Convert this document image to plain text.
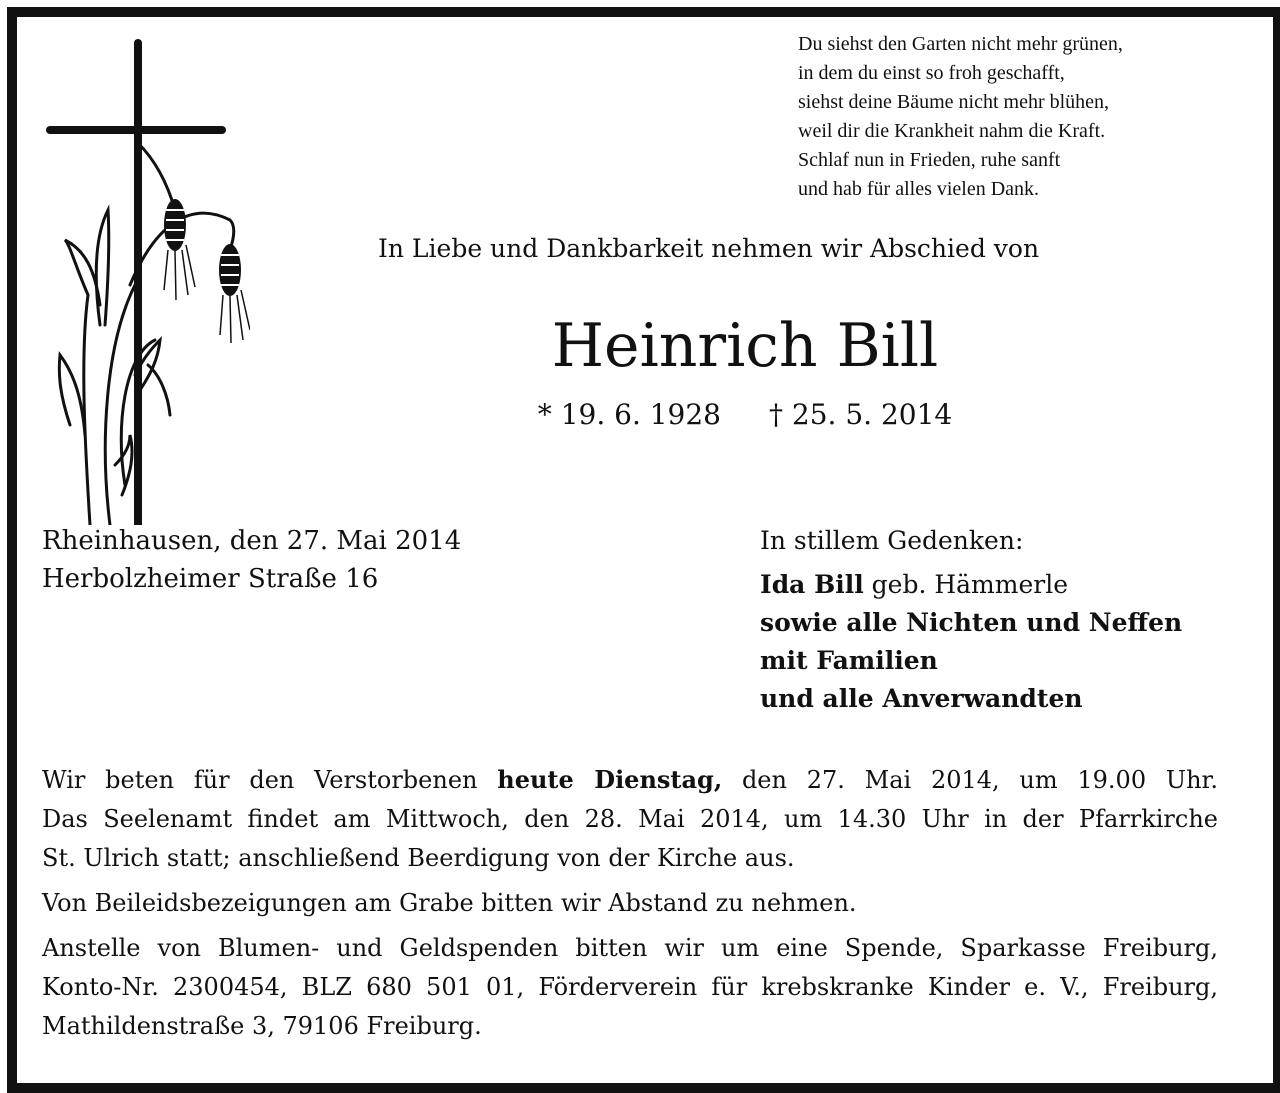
Du siehst den Garten nicht mehr grünen,
in dem du einst so froh geschafft,
siehst deine Bäume nicht mehr blühen,
weil dir die Krankheit nahm die Kraft.
Schlaf nun in Frieden, ruhe sanft
und hab für alles vielen Dank.
In Liebe und Dankbarkeit nehmen wir Abschied von
Heinrich Bill
* 19. 6. 1928 † 25. 5. 2014
Rheinhausen, den 27. Mai 2014
Herbolzheimer Straße 16
In stillem Gedenken:
Ida Bill geb. Hämmerle
sowie alle Nichten und Neffen
mit Familien
und alle Anverwandten
Wir beten für den Verstorbenen heute Dienstag, den 27. Mai 2014, um 19.00 Uhr.
Das Seelenamt findet am Mittwoch, den 28. Mai 2014, um 14.30 Uhr in der Pfarrkirche
St. Ulrich statt; anschließend Beerdigung von der Kirche aus.
Von Beileidsbezeigungen am Grabe bitten wir Abstand zu nehmen.
Anstelle von Blumen- und Geldspenden bitten wir um eine Spende, Sparkasse Freiburg,
Konto-Nr. 2300454, BLZ 680 501 01, Förderverein für krebskranke Kinder e. V., Freiburg,
Mathildenstraße 3, 79106 Freiburg.
